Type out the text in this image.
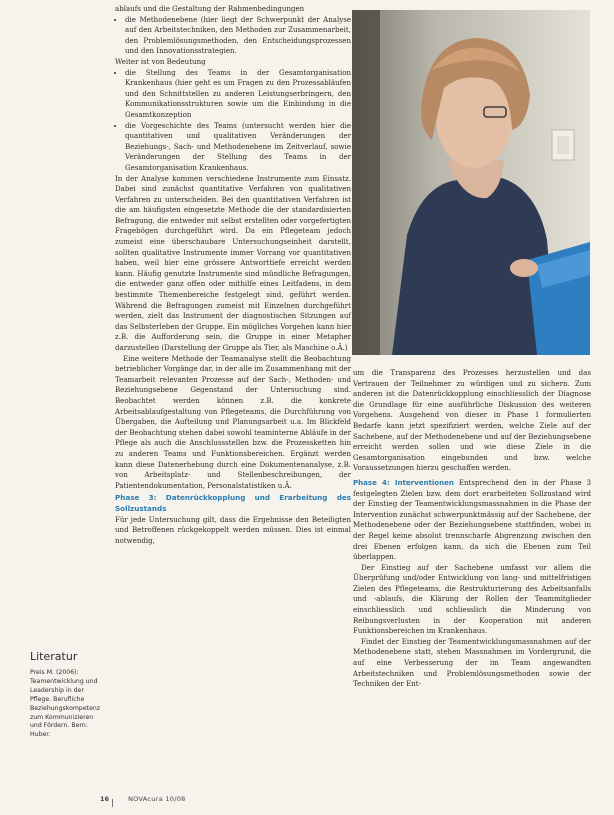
ablaufs und die Gestaltung der Rahmenbedingungen

• die Methodenebene (hier liegt der Schwerpunkt der Analyse auf den Arbeitstechniken, den Methoden zur Zusammenarbeit, den Problemlösungsmethoden, den Entscheidungsprozessen und den Innovationsstrategien.

Weiter ist von Bedeutung

• die Stellung des Teams in der Gesamtorganisation Krankenhaus (hier geht es um Fragen zu den Prozessabläufen und den Schnittstellen zu anderen Leistungserbringern, den Kommunikationsstrukturen sowie um die Einbindung in die Gesamtkonzeption
• die Vorgeschichte des Teams (untersucht werden hier die quantitativen und qualitativen Veränderungen der Beziehungs-, Sach- und Methodenebene im Zeitverlauf, sowie Veränderungen der Stellung des Teams in der Gesamtorganisation Krankenhaus.

In der Analyse kommen verschiedene Instrumente zum Einsatz. Dabei sind zunächst quantitative Verfahren von qualitativen Verfahren zu unterscheiden. Bei den quantitativen Verfahren ist die am häufigsten eingesetzte Methode die der standardisierten Befragung, die entweder mit selbst erstellten oder vorgefertigten Fragebögen durchgeführt wird. Da ein Pflegeteam jedoch zumeist eine überschaubare Untersuchungseinheit darstellt, sollten qualitative Instrumente immer Vorrang vor quantitativen haben, weil hier eine grössere Antworttiefe erreicht werden kann. Häufig genutzte Instrumente sind mündliche Befragungen, die entweder ganz offen oder mithilfe eines Leitfadens, in dem bestimmte Themenbereiche festgelegt sind, geführt werden. Während die Befragungen zumeist mit Einzelnen durchgeführt werden, zielt das Instrument der diagnostischen Sitzungen auf das Selbsterleben der Gruppe. Ein mögliches Vorgehen kann hier z.B. die Aufforderung sein, die Gruppe in einer Metapher darzustellen (Darstellung der Gruppe als Tier, als Maschine o.Ä.)

Eine weitere Methode der Teamanalyse stellt die Beobachtung betrieblicher Vorgänge dar, in der alle im Zusammenhang mit der Teamarbeit relevanten Prozesse auf der Sach-, Methoden- und Beziehungsebene Gegenstand der Untersuchung sind. Beobachtet werden können z.B. die konkrete Arbeitsablaufgestaltung von Pflegeteams, die Durchführung von Übergaben, die Aufteilung und Planungsarbeit u.a. Im Blickfeld der Beobachtung stehen dabei sowohl teaminterne Abläufe in der Pflege als auch die Anschlussstellen bzw. die Prozessketten hin zu anderen Teams und Funktionsbereichen. Ergänzt werden kann diese Datenerhebung durch eine Dokumentenanalyse, z.B. von Arbeitsplatz- und Stellenbeschreibungen, der Patientendokumentation, Personalstatistiken u.Ä.

Phase 3: Datenrückkopplung und Erarbeitung des Sollzustands

Für jede Untersuchung gilt, dass die Ergebnisse den Beteiligten und Betroffenen rückgekoppelt werden müssen. Dies ist einmal notwendig,

um die Transparenz des Prozesses herzustellen und das Vertrauen der Teilnehmer zu würdigen und zu sichern. Zum anderen ist die Datenrückkopplung einschliesslich der Diagnose die Grundlage für eine ausführliche Diskussion des weiteren Vorgehens. Ausgehend von dieser in Phase 1 formulierten Bedarfe kann jetzt spezifiziert werden, welche Ziele auf der Sachebene, auf der Methodenebene und auf der Beziehungsebene erreicht werden sollen und wie diese Ziele in die Gesamtorganisation eingebunden und bzw. welche Voraussetzungen hierzu geschaffen werden.

Phase 4: Interventionen Entsprechend den in der Phase 3 festgelegten Zielen bzw. dem dort erarbeiteten Sollzustand wird der Einstieg der Teamentwicklungsmassnahmen in die Phase der Intervention zunächst schwerpunktmässig auf der Sachebene, der Methodenebene oder der Beziehungsebene stattfinden, wobei in der Regel keine absolut trennscharfe Abgrenzung zwischen den drei Ebenen erfolgen kann, da sich die Ebenen zum Teil überlappen.

Der Einstieg auf der Sachebene umfasst vor allem die Überprüfung und/oder Entwicklung von lang- und mittelfristigen Zielen des Pflegeteams, die Restrukturierung des Arbeitsanfalls und -ablaufs, die Klärung der Rollen der Teammitglieder einschliesslich und schliesslich die Minderung von Reibungsverlusten in der Kooperation mit anderen Funktionsbereichen im Krankenhaus.

Findet der Einstieg der Teamentwicklungsmassnahmen auf der Methodenebene statt, stehen Massnahmen im Vordergrund, die auf eine Verbesserung der im Team angewandten Arbeitstechniken und Problemlösungsmethoden sowie der Techniken der Ent-

Literatur
Preis M. (2006): Teamentwicklung und Leadership in der Pflege. Berufliche Beziehungskompetenz zum Kommunizieren und Fördern. Bern: Huber.
16	NOVAcura 10/08
